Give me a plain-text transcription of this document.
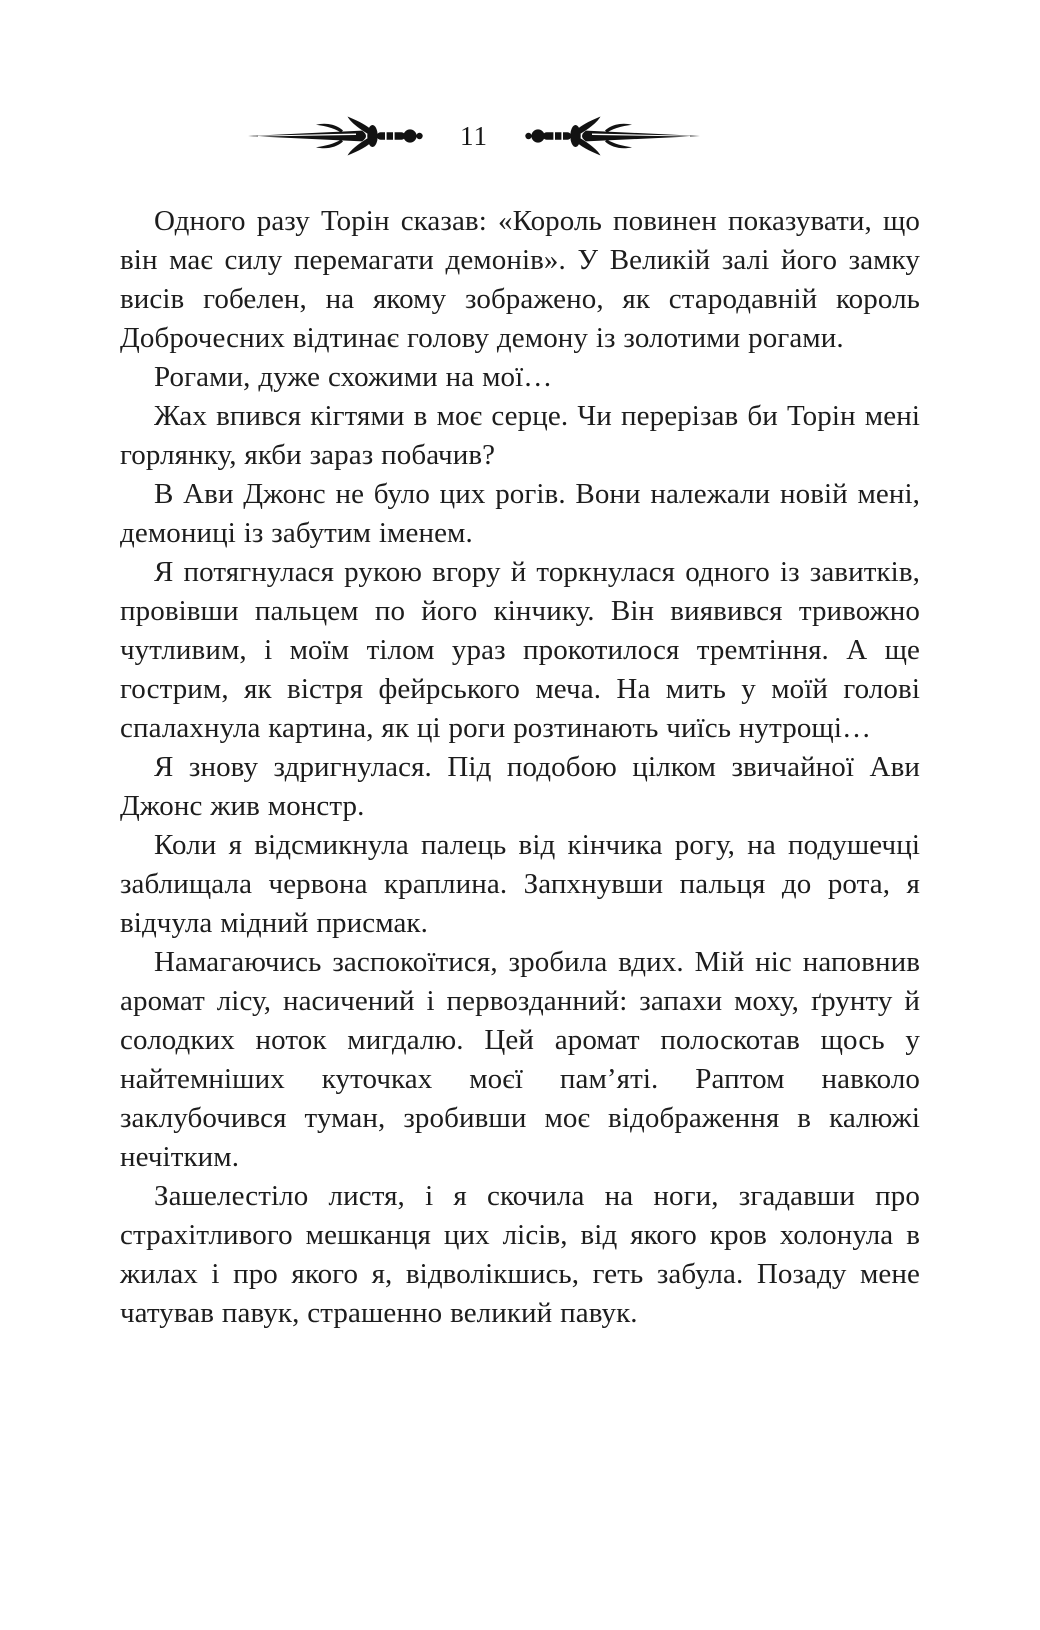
11

Одного разу Торін сказав: «Король повинен показувати, що він має силу перемагати демонів». У Великій залі його замку висів гобелен, на якому зображено, як стародавній король Доброчесних відтинає голову демону із золотими рогами.

Рогами, дуже схожими на мої…

Жах впився кігтями в моє серце. Чи перерізав би Торін мені горлянку, якби зараз побачив?

В Ави Джонс не було цих рогів. Вони належали новій мені, демониці із забутим іменем.

Я потягнулася рукою вгору й торкнулася одного із завитків, провівши пальцем по його кінчику. Він виявився тривожно чутливим, і моїм тілом ураз прокотилося тремтіння. А ще гострим, як вістря фейрського меча. На мить у моїй голові спалахнула картина, як ці роги розтинають чиїсь нутрощі…

Я знову здригнулася. Під подобою цілком звичайної Ави Джонс жив монстр.

Коли я відсмикнула палець від кінчика рогу, на подушечці заблищала червона краплина. Запхнувши пальця до рота, я відчула мідний присмак.

Намагаючись заспокоїтися, зробила вдих. Мій ніс наповнив аромат лісу, насичений і первозданний: запахи моху, ґрунту й солодких ноток мигдалю. Цей аромат полоскотав щось у найтемніших куточках моєї пам’яті. Раптом навколо заклубочився туман, зробивши моє відображення в калюжі нечітким.

Зашелестіло листя, і я скочила на ноги, згадавши про страхітливого мешканця цих лісів, від якого кров холонула в жилах і про якого я, відволікшись, геть забула. Позаду мене чатував павук, страшенно великий павук.
